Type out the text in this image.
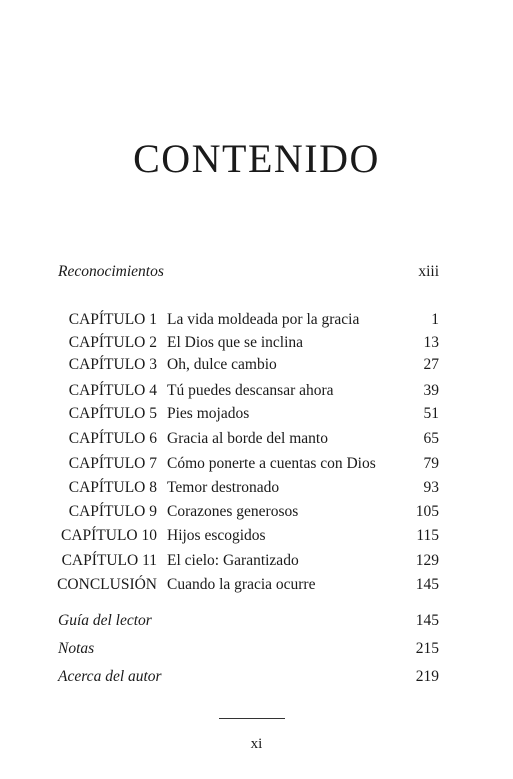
CONTENIDO
Reconocimientos	xiii
CAPÍTULO 1 La vida moldeada por la gracia	1
CAPÍTULO 2 El Dios que se inclina	13
CAPÍTULO 3 Oh, dulce cambio	27
CAPÍTULO 4 Tú puedes descansar ahora	39
CAPÍTULO 5 Pies mojados	51
CAPÍTULO 6 Gracia al borde del manto	65
CAPÍTULO 7 Cómo ponerte a cuentas con Dios	79
CAPÍTULO 8 Temor destronado	93
CAPÍTULO 9 Corazones generosos	105
CAPÍTULO 10 Hijos escogidos	115
CAPÍTULO 11 El cielo: Garantizado	129
CONCLUSIÓN Cuando la gracia ocurre	145
Guía del lector	145
Notas	215
Acerca del autor	219
xi
